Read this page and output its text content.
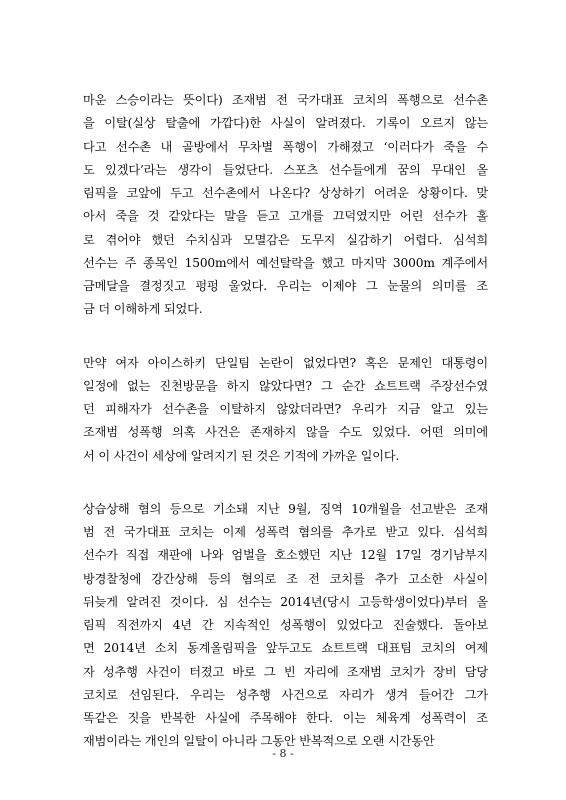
마운 스승이라는 뜻이다) 조재범 전 국가대표 코치의 폭행으로 선수촌
을 이탈(실상 탈출에 가깝다)한 사실이 알려졌다. 기록이 오르지 않는
다고 선수촌 내 골방에서 무차별 폭행이 가해졌고 ‘이러다가 죽을 수
도 있겠다’라는 생각이 들었단다. 스포츠 선수들에게 꿈의 무대인 올
림픽을 코앞에 두고 선수촌에서 나온다? 상상하기 어려운 상황이다. 맞
아서 죽을 것 같았다는 말을 듣고 고개를 끄덕였지만 어린 선수가 홀
로 겪어야 했던 수치심과 모멸감은 도무지 실감하기 어렵다. 심석희
선수는 주 종목인 1500m에서 예선탈락을 했고 마지막 3000m 계주에서
금메달을 결정짓고 펑펑 울었다. 우리는 이제야 그 눈물의 의미를 조
금 더 이해하게 되었다.
만약 여자 아이스하키 단일팀 논란이 없었다면? 혹은 문제인 대통령이
일정에 없는 진천방문을 하지 않았다면? 그 순간 쇼트트랙 주장선수였
던 피해자가 선수촌을 이탈하지 않았더라면? 우리가 지금 알고 있는
조재범 성폭행 의혹 사건은 존재하지 않을 수도 있었다. 어떤 의미에
서 이 사건이 세상에 알려지기 된 것은 기적에 가까운 일이다.
상습상해 혐의 등으로 기소돼 지난 9월, 징역 10개월을 선고받은 조재
범 전 국가대표 코치는 이제 성폭력 혐의를 추가로 받고 있다. 심석희
선수가 직접 재판에 나와 엄벌을 호소했던 지난 12월 17일 경기남부지
방경찰청에 강간상해 등의 혐의로 조 전 코치를 추가 고소한 사실이
뒤늦게 알려진 것이다. 심 선수는 2014년(당시 고등학생이었다)부터 올
림픽 직전까지 4년 간 지속적인 성폭행이 있었다고 진술했다. 돌아보
면 2014년 소치 동계올림픽을 앞두고도 쇼트트랙 대표팀 코치의 여제
자 성추행 사건이 터졌고 바로 그 빈 자리에 조재범 코치가 장비 담당
코치로 선임된다. 우리는 성추행 사건으로 자리가 생겨 들어간 그가
똑같은 짓을 반복한 사실에 주목해야 한다. 이는 체육계 성폭력이 조
재범이라는 개인의 일탈이 아니라 그동안 반복적으로 오랜 시간동안
- 8 -
